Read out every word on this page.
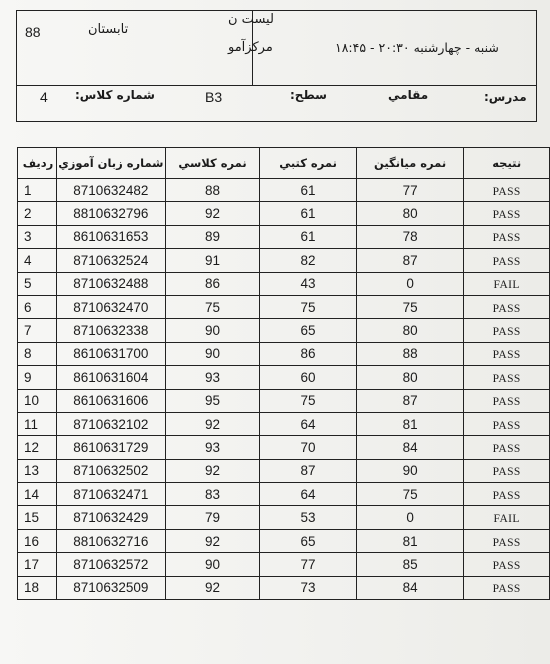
88	تابستان
ليست ن
مركزآمو	شنبه - چهارشنبه ۲۰:۳۰ - ۱۸:۴۵
4 شماره كلاس:	B3	سطح:	مقامي	مدرس:
رديف	شماره زبان آموزي	نمره كلاسي	نمره كتبي	نمره ميانگين	نتيجه
1	8710632482	88	61	77	PASS
2	8810632796	92	61	80	PASS
3	8610631653	89	61	78	PASS
4	8710632524	91	82	87	PASS
5	8710632488	86	43	0	FAIL
6	8710632470	75	75	75	PASS
7	8710632338	90	65	80	PASS
8	8610631700	90	86	88	PASS
9	8610631604	93	60	80	PASS
10	8610631606	95	75	87	PASS
11	8710632102	92	64	81	PASS
12	8610631729	93	70	84	PASS
13	8710632502	92	87	90	PASS
14	8710632471	83	64	75	PASS
15	8710632429	79	53	0	FAIL
16	8810632716	92	65	81	PASS
17	8710632572	90	77	85	PASS
18	8710632509	92	73	84	PASS
